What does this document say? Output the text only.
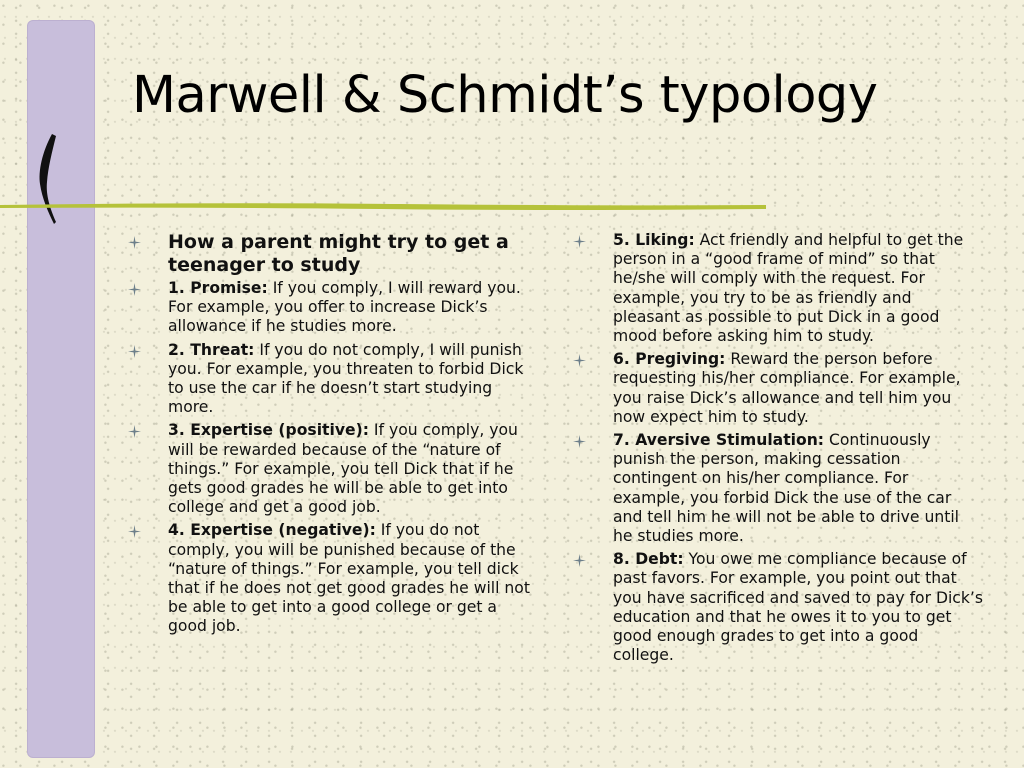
Marwell & Schmidt’s typology
How a parent might try to get a teenager to study
1. Promise: If you comply, I will reward you. For example, you offer to increase Dick’s allowance if he studies more.
2. Threat: If you do not comply, I will punish you. For example, you threaten to forbid Dick to use the car if he doesn’t start studying more.
3. Expertise (positive): If you comply, you will be rewarded because of the “nature of things.” For example, you tell Dick that if he gets good grades he will be able to get into college and get a good job.
4. Expertise (negative): If you do not comply, you will be punished because of the “nature of things.” For example, you tell dick that if he does not get good grades he will not be able to get into a good college or get a good job.
5. Liking: Act friendly and helpful to get the person in a “good frame of mind” so that he/she will comply with the request. For example, you try to be as friendly and pleasant as possible to put Dick in a good mood before asking him to study.
6. Pregiving: Reward the person before requesting his/her compliance. For example, you raise Dick’s allowance and tell him you now expect him to study.
7. Aversive Stimulation: Continuously punish the person, making cessation contingent on his/her compliance. For example, you forbid Dick the use of the car and tell him he will not be able to drive until he studies more.
8. Debt: You owe me compliance because of past favors. For example, you point out that you have sacrificed and saved to pay for Dick’s education and that he owes it to you to get good enough grades to get into a good college.
